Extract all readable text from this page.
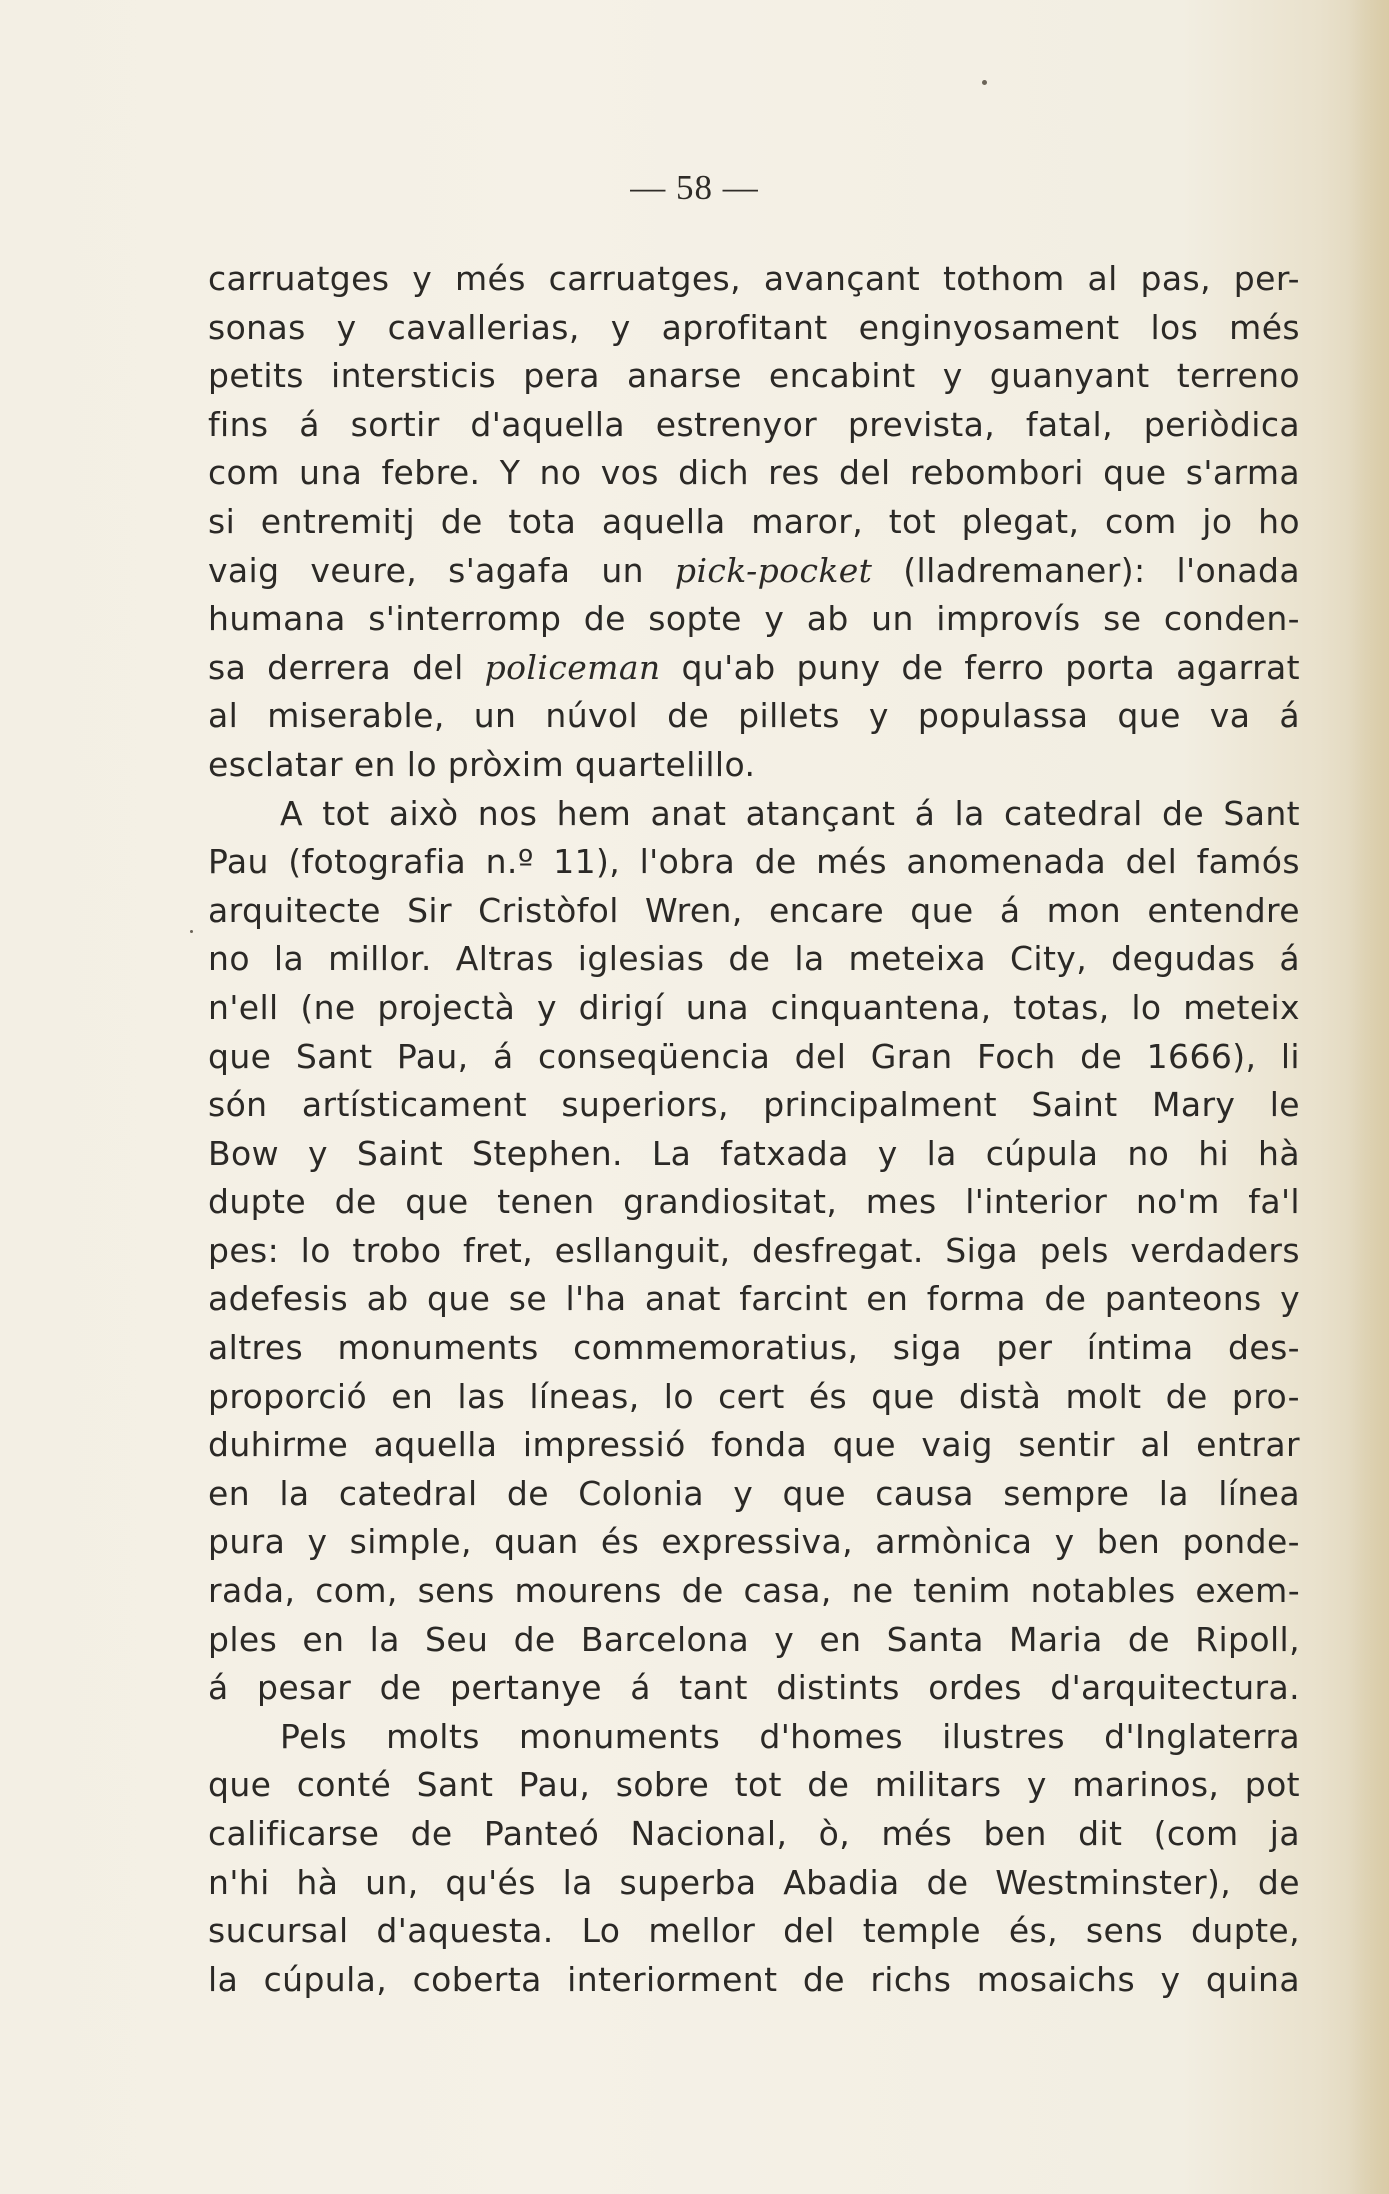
— 58 —
carruatges y més carruatges, avançant tothom al pas, per-
sonas y cavallerias, y aprofitant enginyosament los més
petits intersticis pera anarse encabint y guanyant terreno
fins á sortir d'aquella estrenyor prevista, fatal, periòdica
com una febre. Y no vos dich res del rebombori que s'arma
si entremitj de tota aquella maror, tot plegat, com jo ho
vaig veure, s'agafa un pick-pocket (lladremaner): l'onada
humana s'interromp de sopte y ab un improvís se conden-
sa derrera del policeman qu'ab puny de ferro porta agarrat
al miserable, un núvol de pillets y populassa que va á
esclatar en lo pròxim quartelillo.
A tot això nos hem anat atançant á la catedral de Sant
Pau (fotografia n.º 11), l'obra de més anomenada del famós
arquitecte Sir Cristòfol Wren, encare que á mon entendre
no la millor. Altras iglesias de la meteixa City, degudas á
n'ell (ne projectà y dirigí una cinquantena, totas, lo meteix
que Sant Pau, á conseqüencia del Gran Foch de 1666), li
són artísticament superiors, principalment Saint Mary le
Bow y Saint Stephen. La fatxada y la cúpula no hi hà
dupte de que tenen grandiositat, mes l'interior no'm fa'l
pes: lo trobo fret, esllanguit, desfregat. Siga pels verdaders
adefesis ab que se l'ha anat farcint en forma de panteons y
altres monuments commemoratius, siga per íntima des-
proporció en las líneas, lo cert és que distà molt de pro-
duhirme aquella impressió fonda que vaig sentir al entrar
en la catedral de Colonia y que causa sempre la línea
pura y simple, quan és expressiva, armònica y ben ponde-
rada, com, sens mourens de casa, ne tenim notables exem-
ples en la Seu de Barcelona y en Santa Maria de Ripoll,
á pesar de pertanye á tant distints ordes d'arquitectura.
Pels molts monuments d'homes ilustres d'Inglaterra
que conté Sant Pau, sobre tot de militars y marinos, pot
calificarse de Panteó Nacional, ò, més ben dit (com ja
n'hi hà un, qu'és la superba Abadia de Westminster), de
sucursal d'aquesta. Lo mellor del temple és, sens dupte,
la cúpula, coberta interiorment de richs mosaichs y quina
